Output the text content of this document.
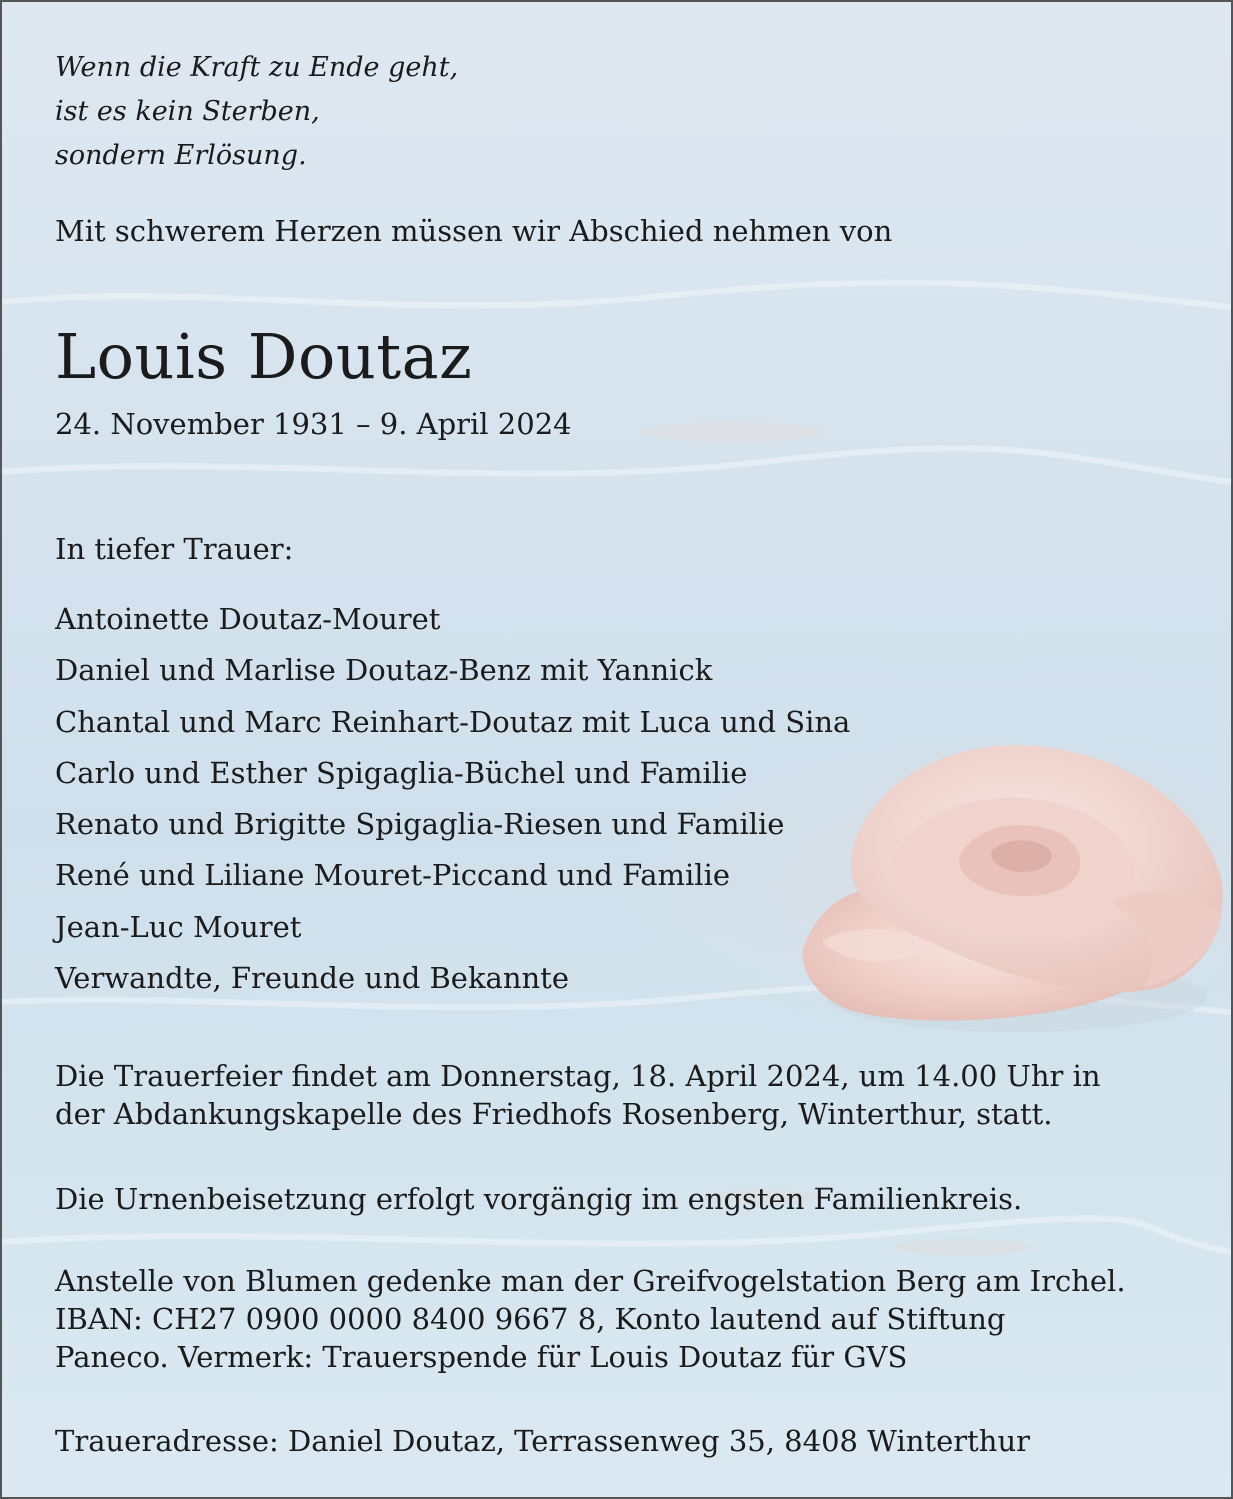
Wenn die Kraft zu Ende geht,
ist es kein Sterben,
sondern Erlösung.
Mit schwerem Herzen müssen wir Abschied nehmen von
Louis Doutaz
24. November 1931 – 9. April 2024
In tiefer Trauer:
Antoinette Doutaz-Mouret
Daniel und Marlise Doutaz-Benz mit Yannick
Chantal und Marc Reinhart-Doutaz mit Luca und Sina
Carlo und Esther Spigaglia-Büchel und Familie
Renato und Brigitte Spigaglia-Riesen und Familie
René und Liliane Mouret-Piccand und Familie
Jean-Luc Mouret
Verwandte, Freunde und Bekannte
Die Trauerfeier findet am Donnerstag, 18. April 2024, um 14.00 Uhr in
der Abdankungskapelle des Friedhofs Rosenberg, Winterthur, statt.
Die Urnenbeisetzung erfolgt vorgängig im engsten Familienkreis.
Anstelle von Blumen gedenke man der Greifvogelstation Berg am Irchel.
IBAN: CH27 0900 0000 8400 9667 8, Konto lautend auf Stiftung
Paneco. Vermerk: Trauerspende für Louis Doutaz für GVS
Traueradresse: Daniel Doutaz, Terrassenweg 35, 8408 Winterthur
